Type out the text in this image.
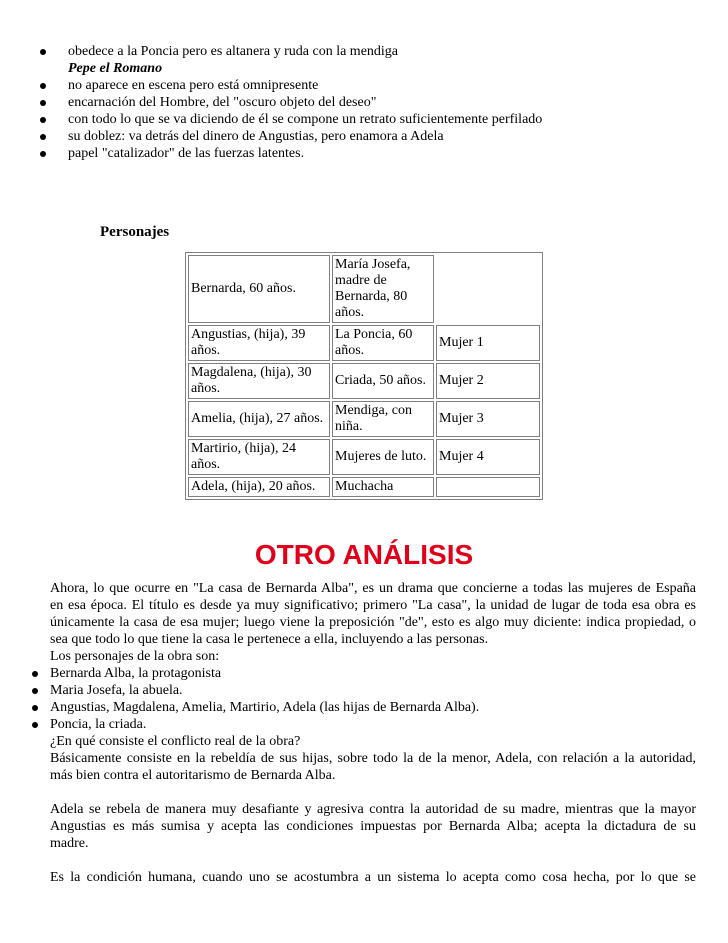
obedece a la Poncia pero es altanera y ruda con la mendiga
Pepe el Romano
no aparece en escena pero está omnipresente
encarnación del Hombre, del "oscuro objeto del deseo"
con todo lo que se va diciendo de él se compone un retrato suficientemente perfilado
su doblez: va detrás del dinero de Angustias, pero enamora a Adela
papel "catalizador" de las fuerzas latentes.
Personajes
Bernarda, 60 años.	María Josefa, madre de Bernarda, 80 años.	
Angustias, (hija), 39 años.	La Poncia, 60 años.	Mujer 1
Magdalena, (hija), 30 años.	Criada, 50 años.	Mujer 2
Amelia, (hija), 27 años.	Mendiga, con niña.	Mujer 3
Martirio, (hija), 24 años.	Mujeres de luto.	Mujer 4
Adela, (hija), 20 años.	Muchacha	
OTRO ANÁLISIS

Ahora, lo que ocurre en "La casa de Bernarda Alba", es un drama que concierne a todas las mujeres de España
en esa época. El título es desde ya muy significativo; primero "La casa", la unidad de lugar de toda esa obra es
únicamente la casa de esa mujer; luego viene la preposición "de", esto es algo muy diciente: indica propiedad, o
sea que todo lo que tiene la casa le pertenece a ella, incluyendo a las personas.

Los personajes de la obra son:
Bernarda Alba, la protagonista
Maria Josefa, la abuela.
Angustias, Magdalena, Amelia, Martirio, Adela (las hijas de Bernarda Alba).
Poncia, la criada.
¿En qué consiste el conflicto real de la obra?

Básicamente consiste en la rebeldía de sus hijas, sobre todo la de la menor, Adela, con relación a la autoridad,
más bien contra el autoritarismo de Bernarda Alba.

Adela se rebela de manera muy desafiante y agresiva contra la autoridad de su madre, mientras que la mayor
Angustias es más sumisa y acepta las condiciones impuestas por Bernarda Alba; acepta la dictadura de su
madre.

Es la condición humana, cuando uno se acostumbra a un sistema lo acepta como cosa hecha, por lo que se
